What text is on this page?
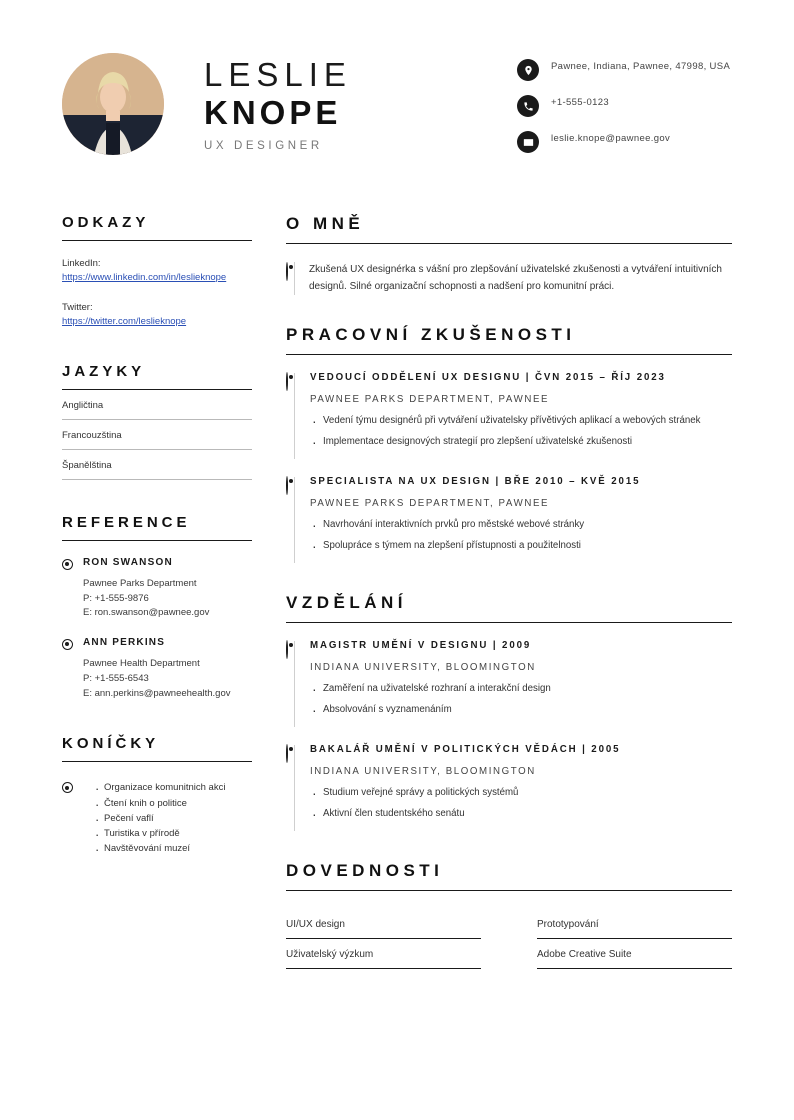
LESLIE
KNOPE
UX DESIGNER
Pawnee, Indiana, Pawnee, 47998, USA
+1-555-0123
leslie.knope@pawnee.gov
ODKAZY
LinkedIn:
https://www.linkedin.com/in/leslieknope
Twitter:
https://twitter.com/leslieknope
JAZYKY
Angličtina
Francouzština
Španělština
REFERENCE
RON SWANSON
Pawnee Parks Department
P: +1-555-9876
E: ron.swanson@pawnee.gov
ANN PERKINS
Pawnee Health Department
P: +1-555-6543
E: ann.perkins@pawneehealth.gov
KONÍČKY
· Organizace komunitnich akci
· Čtení knih o politice
· Pečení vaflí
· Turistika v přírodě
· Navštěvování muzeí
O MNĚ
Zkušená UX designérka s vášní pro zlepšování uživatelské zkušenosti a vytváření intuitivních designů. Silné organizační schopnosti a nadšení pro komunitní práci.
PRACOVNÍ ZKUŠENOSTI
VEDOUCÍ ODDĚLENÍ UX DESIGNU | ČVN 2015 – ŘÍJ 2023
PAWNEE PARKS DEPARTMENT, PAWNEE
· Vedení týmu designérů při vytváření uživatelsky přívětivých aplikací a webových stránek
· Implementace designových strategií pro zlepšení uživatelské zkušenosti
SPECIALISTA NA UX DESIGN | BŘE 2010 – KVĚ 2015
PAWNEE PARKS DEPARTMENT, PAWNEE
· Navrhování interaktivních prvků pro městské webové stránky
· Spolupráce s týmem na zlepšení přístupnosti a použitelnosti
VZDĚLÁNÍ
MAGISTR UMĚNÍ V DESIGNU | 2009
INDIANA UNIVERSITY, BLOOMINGTON
· Zaměření na uživatelské rozhraní a interakční design
· Absolvování s vyznamenáním
BAKALÁŘ UMĚNÍ V POLITICKÝCH VĚDÁCH | 2005
INDIANA UNIVERSITY, BLOOMINGTON
· Studium veřejné správy a politických systémů
· Aktivní člen studentského senátu
DOVEDNOSTI
UI/UX design	Prototypování
Uživatelský výzkum	Adobe Creative Suite
